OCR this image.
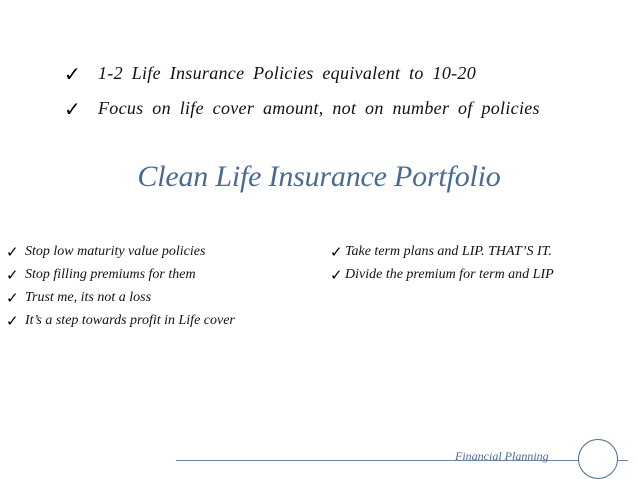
✓ 1-2 Life Insurance Policies equivalent to 10-20
✓ Focus on life cover amount, not on number of policies
Clean Life Insurance Portfolio
✓ Stop low maturity value policies
✓ Stop filling premiums for them
✓ Trust me, its not a loss
✓ It’s a step towards profit in Life cover
✓ Take term plans and LIP. THAT’S IT.
✓ Divide the premium for term and LIP
Financial Planning
